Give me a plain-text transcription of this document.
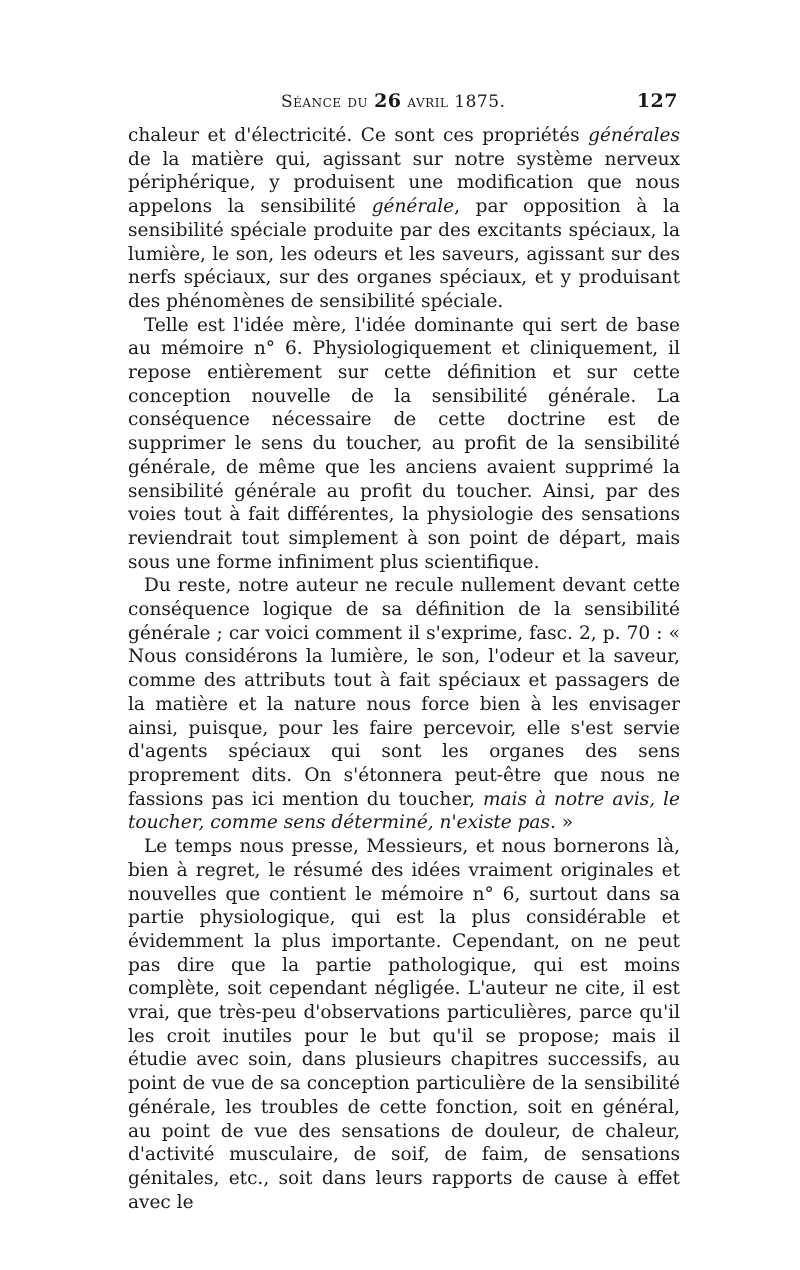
Séance du 26 avril 1875.	127

chaleur et d'électricité. Ce sont ces propriétés générales de la matière qui, agissant sur notre système nerveux périphérique, y produisent une modification que nous appelons la sensibilité générale, par opposition à la sensibilité spéciale produite par des excitants spéciaux, la lumière, le son, les odeurs et les saveurs, agissant sur des nerfs spéciaux, sur des organes spéciaux, et y produisant des phénomènes de sensibilité spéciale.

Telle est l'idée mère, l'idée dominante qui sert de base au mémoire n° 6. Physiologiquement et cliniquement, il repose entièrement sur cette définition et sur cette conception nouvelle de la sensibilité générale. La conséquence nécessaire de cette doctrine est de supprimer le sens du toucher, au profit de la sensibilité générale, de même que les anciens avaient supprimé la sensibilité générale au profit du toucher. Ainsi, par des voies tout à fait différentes, la physiologie des sensations reviendrait tout simplement à son point de départ, mais sous une forme infiniment plus scientifique.

Du reste, notre auteur ne recule nullement devant cette conséquence logique de sa définition de la sensibilité générale ; car voici comment il s'exprime, fasc. 2, p. 70 : « Nous considérons la lumière, le son, l'odeur et la saveur, comme des attributs tout à fait spéciaux et passagers de la matière et la nature nous force bien à les envisager ainsi, puisque, pour les faire percevoir, elle s'est servie d'agents spéciaux qui sont les organes des sens proprement dits. On s'étonnera peut-être que nous ne fassions pas ici mention du toucher, mais à notre avis, le toucher, comme sens déterminé, n'existe pas. »

Le temps nous presse, Messieurs, et nous bornerons là, bien à regret, le résumé des idées vraiment originales et nouvelles que contient le mémoire n° 6, surtout dans sa partie physiologique, qui est la plus considérable et évidemment la plus importante. Cependant, on ne peut pas dire que la partie pathologique, qui est moins complète, soit cependant négligée. L'auteur ne cite, il est vrai, que très-peu d'observations particulières, parce qu'il les croit inutiles pour le but qu'il se propose; mais il étudie avec soin, dans plusieurs chapitres successifs, au point de vue de sa conception particulière de la sensibilité générale, les troubles de cette fonction, soit en général, au point de vue des sensations de douleur, de chaleur, d'activité musculaire, de soif, de faim, de sensations génitales, etc., soit dans leurs rapports de cause à effet avec le
